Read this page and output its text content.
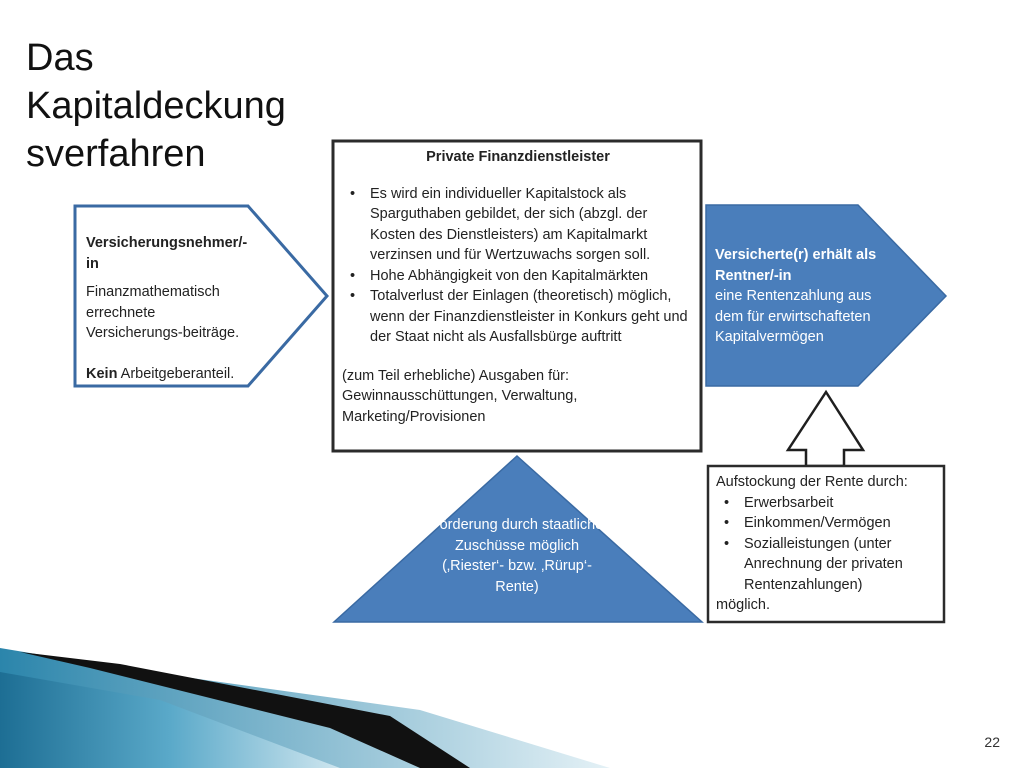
Das
Kapitaldeckung
sverfahren
Versicherungsnehmer/-in
Finanzmathematisch errechnete Versicherungs-beiträge.
Kein Arbeitgeberanteil.
Private Finanzdienstleister
• Es wird ein individueller Kapitalstock als Sparguthaben gebildet, der sich (abzgl. der Kosten des Dienstleisters) am Kapitalmarkt verzinsen und für Wertzuwachs sorgen soll.
• Hohe Abhängigkeit von den Kapitalmärkten
• Totalverlust der Einlagen (theoretisch) möglich, wenn der Finanzdienstleister in Konkurs geht und der Staat nicht als Ausfallsbürge auftritt
(zum Teil erhebliche) Ausgaben für: Gewinnausschüttungen, Verwaltung, Marketing/Provisionen
Versicherte(r) erhält als Rentner/-in
eine Rentenzahlung aus dem für erwirtschafteten Kapitalvermögen
Förderung durch staatliche Zuschüsse möglich (‚Riester‘- bzw. ‚Rürup‘-Rente)
Aufstockung der Rente durch:
• Erwerbsarbeit
• Einkommen/Vermögen
• Sozialleistungen (unter Anrechnung der privaten Rentenzahlungen)
möglich.
22
